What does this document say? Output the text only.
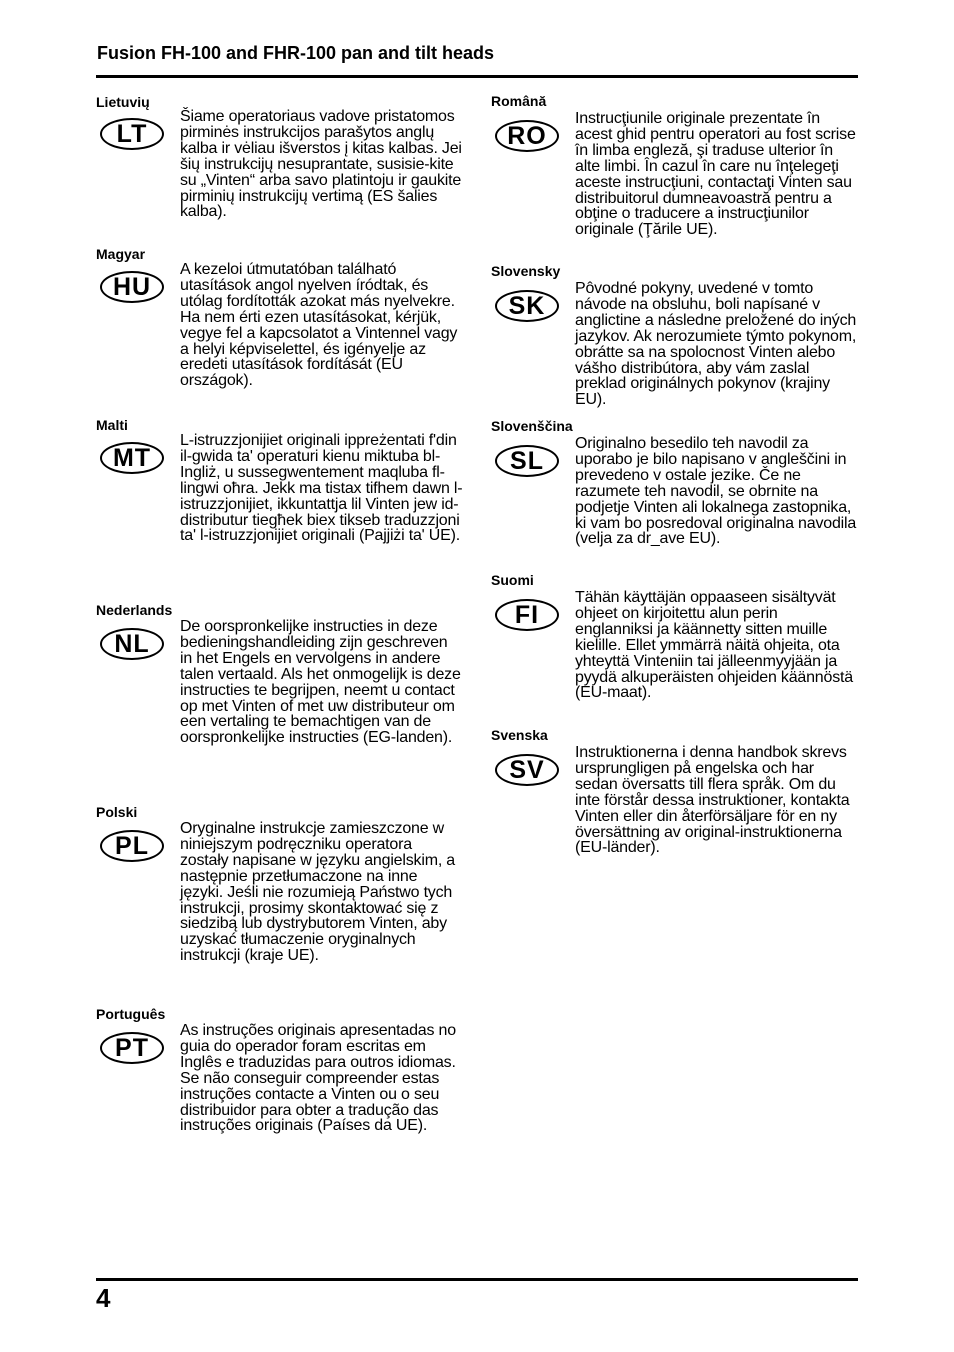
Fusion FH-100 and FHR-100 pan and tilt heads
Lietuvių
LT
Šiame operatoriaus vadove pristatomos pirminės instrukcijos parašytos anglų kalba ir vėliau išverstos į kitas kalbas. Jei šių instrukcijų nesuprantate, susisie-kite su „Vinten“ arba savo platintoju ir gaukite pirminių instrukcijų vertimą (ES šalies kalba).
Magyar
HU
A kezeloi útmutatóban található utasítások angol nyelven íródtak, és utólag fordították azokat más nyelvekre. Ha nem érti ezen utasításokat, kérjük, vegye fel a kapcsolatot a Vintennel vagy a helyi képviselettel, és igényelje az eredeti utasítások fordítását (EU országok).
Malti
MT
L-istruzzjonijiet originali ippreżentati f'din il-gwida ta' operaturi kienu miktuba bl-Ingliż, u sussegwentement maqluba fl-lingwi oħra. Jekk ma tistax tifhem dawn l-istruzzjonijiet, ikkuntattja lil Vinten jew id-distributur tiegħek biex tikseb traduzzjoni ta' l-istruzzjonijiet originali (Pajjiżi ta' UE).
Nederlands
NL
De oorspronkelijke instructies in deze bedieningshandleiding zijn geschreven in het Engels en vervolgens in andere talen vertaald. Als het onmogelijk is deze instructies te begrijpen, neemt u contact op met Vinten of met uw distributeur om een vertaling te bemachtigen van de oorspronkelijke instructies (EG-landen).
Polski
PL
Oryginalne instrukcje zamieszczone w niniejszym podręczniku operatora zostały napisane w języku angielskim, a następnie przetłumaczone na inne języki. Jeśli nie rozumieją Państwo tych instrukcji, prosimy skontaktować się z siedzibą lub dystrybutorem Vinten, aby uzyskać tłumaczenie oryginalnych instrukcji (kraje UE).
Português
PT
As instruções originais apresentadas no guia do operador foram escritas em Inglês e traduzidas para outros idiomas. Se não conseguir compreender estas instruções contacte a Vinten ou o seu distribuidor para obter a tradução das instruções originais (Países da UE).
Română
RO
Instrucţiunile originale prezentate în acest ghid pentru operatori au fost scrise în limba engleză, şi traduse ulterior în alte limbi. În cazul în care nu înţelegeţi aceste instrucţiuni, contactaţi Vinten sau distribuitorul dumneavoastră pentru a obţine o traducere a instrucţiunilor originale (Ţările UE).
Slovensky
SK
Pôvodné pokyny, uvedené v tomto návode na obsluhu, boli napísané v anglictine a následne preložené do iných jazykov. Ak nerozumiete týmto pokynom, obrátte sa na spolocnost Vinten alebo vášho distribútora, aby vám zaslal preklad originálnych pokynov (krajiny EU).
Slovenščina
SL
Originalno besedilo teh navodil za uporabo je bilo napisano v angleščini in prevedeno v ostale jezike. Če ne razumete teh navodil, se obrnite na podjetje Vinten ali lokalnega zastopnika, ki vam bo posredoval originalna navodila (velja za dr_ave EU).
Suomi
FI
Tähän käyttäjän oppaaseen sisältyvät ohjeet on kirjoitettu alun perin englanniksi ja käännetty sitten muille kielille. Ellet ymmärrä näitä ohjeita, ota yhteyttä Vinteniin tai jälleenmyyjään ja pyydä alkuperäisten ohjeiden käännöstä (EU-maat).
Svenska
SV
Instruktionerna i denna handbok skrevs ursprungligen på engelska och har sedan översatts till flera språk. Om du inte förstår dessa instruktioner, kontakta Vinten eller din återförsäljare för en ny översättning av original-instruktionerna (EU-länder).
4
